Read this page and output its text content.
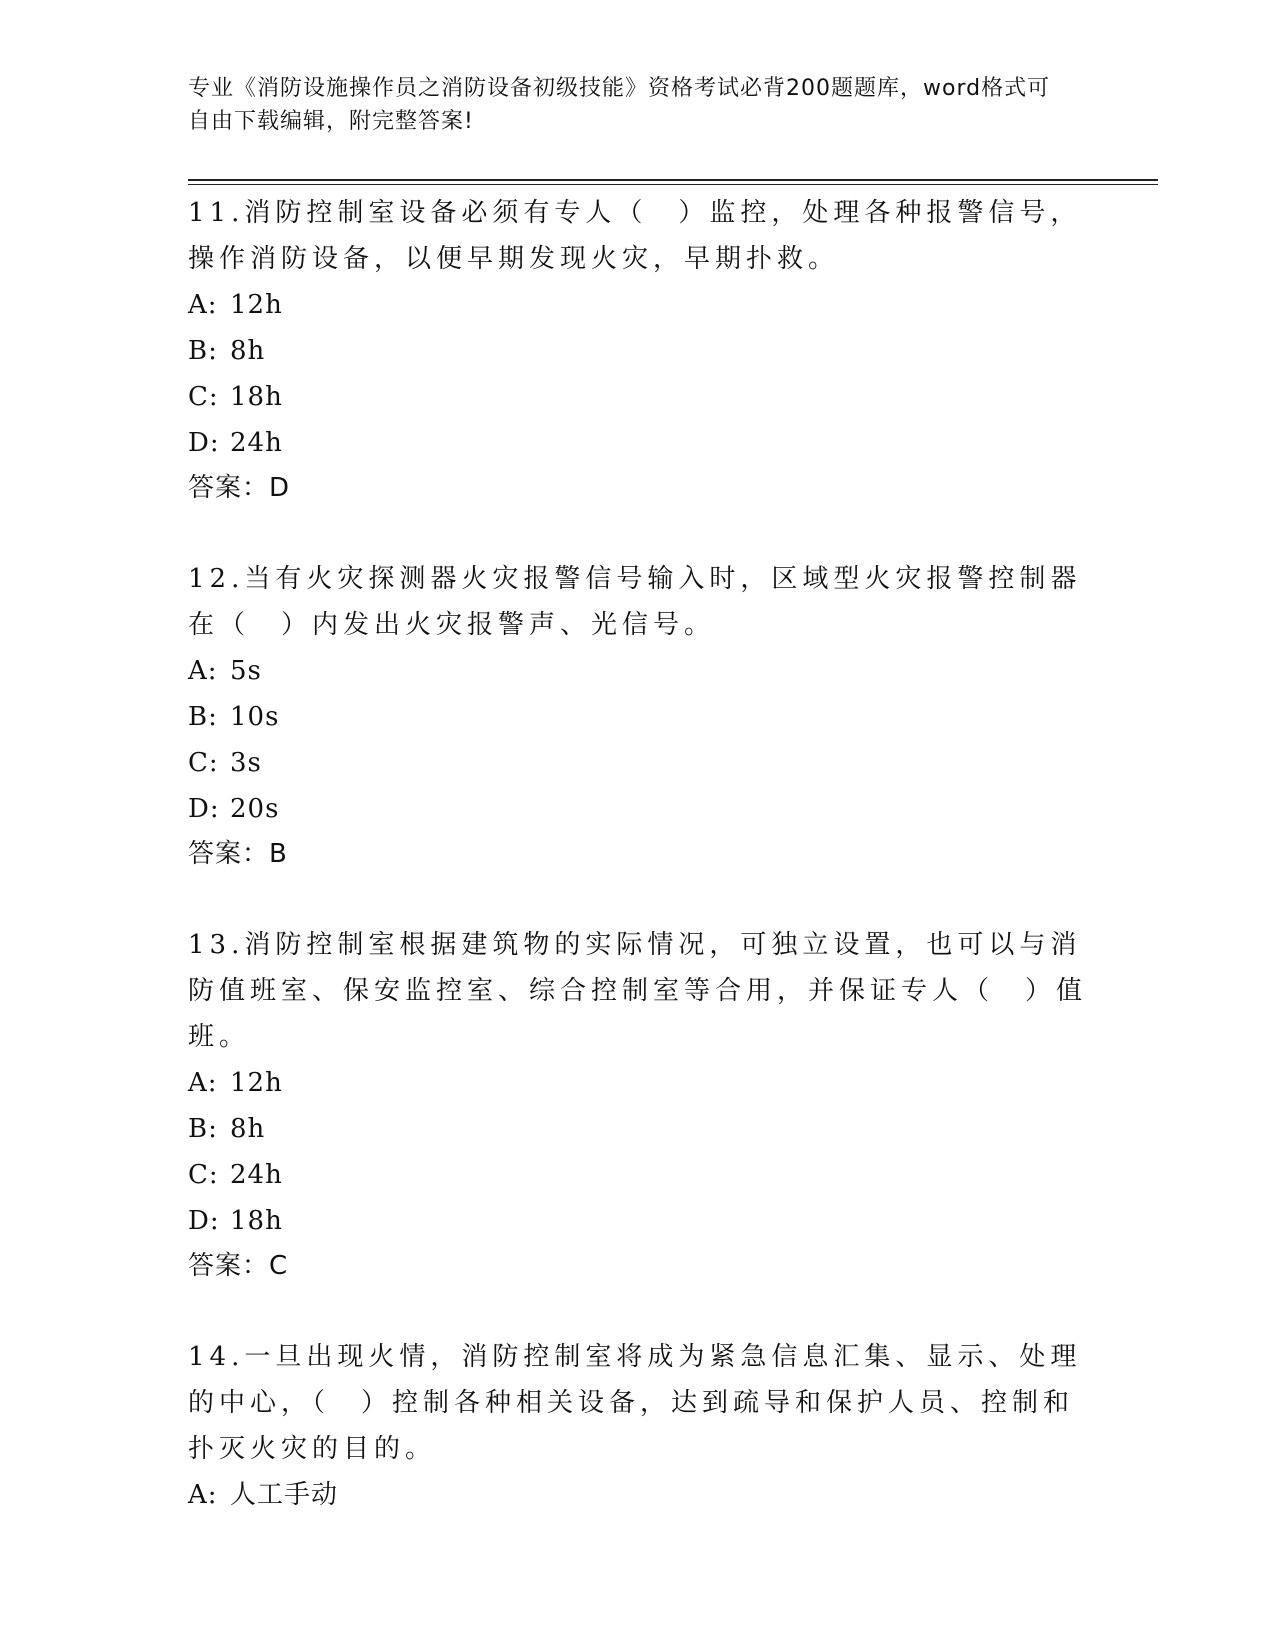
专业《消防设施操作员之消防设备初级技能》资格考试必背200题题库，word格式可自由下载编辑，附完整答案!
11.消防控制室设备必须有专人（　）监控，处理各种报警信号，操作消防设备，以便早期发现火灾，早期扑救。
A: 12h
B: 8h
C: 18h
D: 24h
答案：D
12.当有火灾探测器火灾报警信号输入时，区域型火灾报警控制器在（　）内发出火灾报警声、光信号。
A: 5s
B: 10s
C: 3s
D: 20s
答案：B
13.消防控制室根据建筑物的实际情况，可独立设置，也可以与消防值班室、保安监控室、综合控制室等合用，并保证专人（　）值班。
A: 12h
B: 8h
C: 24h
D: 18h
答案：C
14.一旦出现火情，消防控制室将成为紧急信息汇集、显示、处理的中心，（　）控制各种相关设备，达到疏导和保护人员、控制和扑灭火灾的目的。
A: 人工手动
